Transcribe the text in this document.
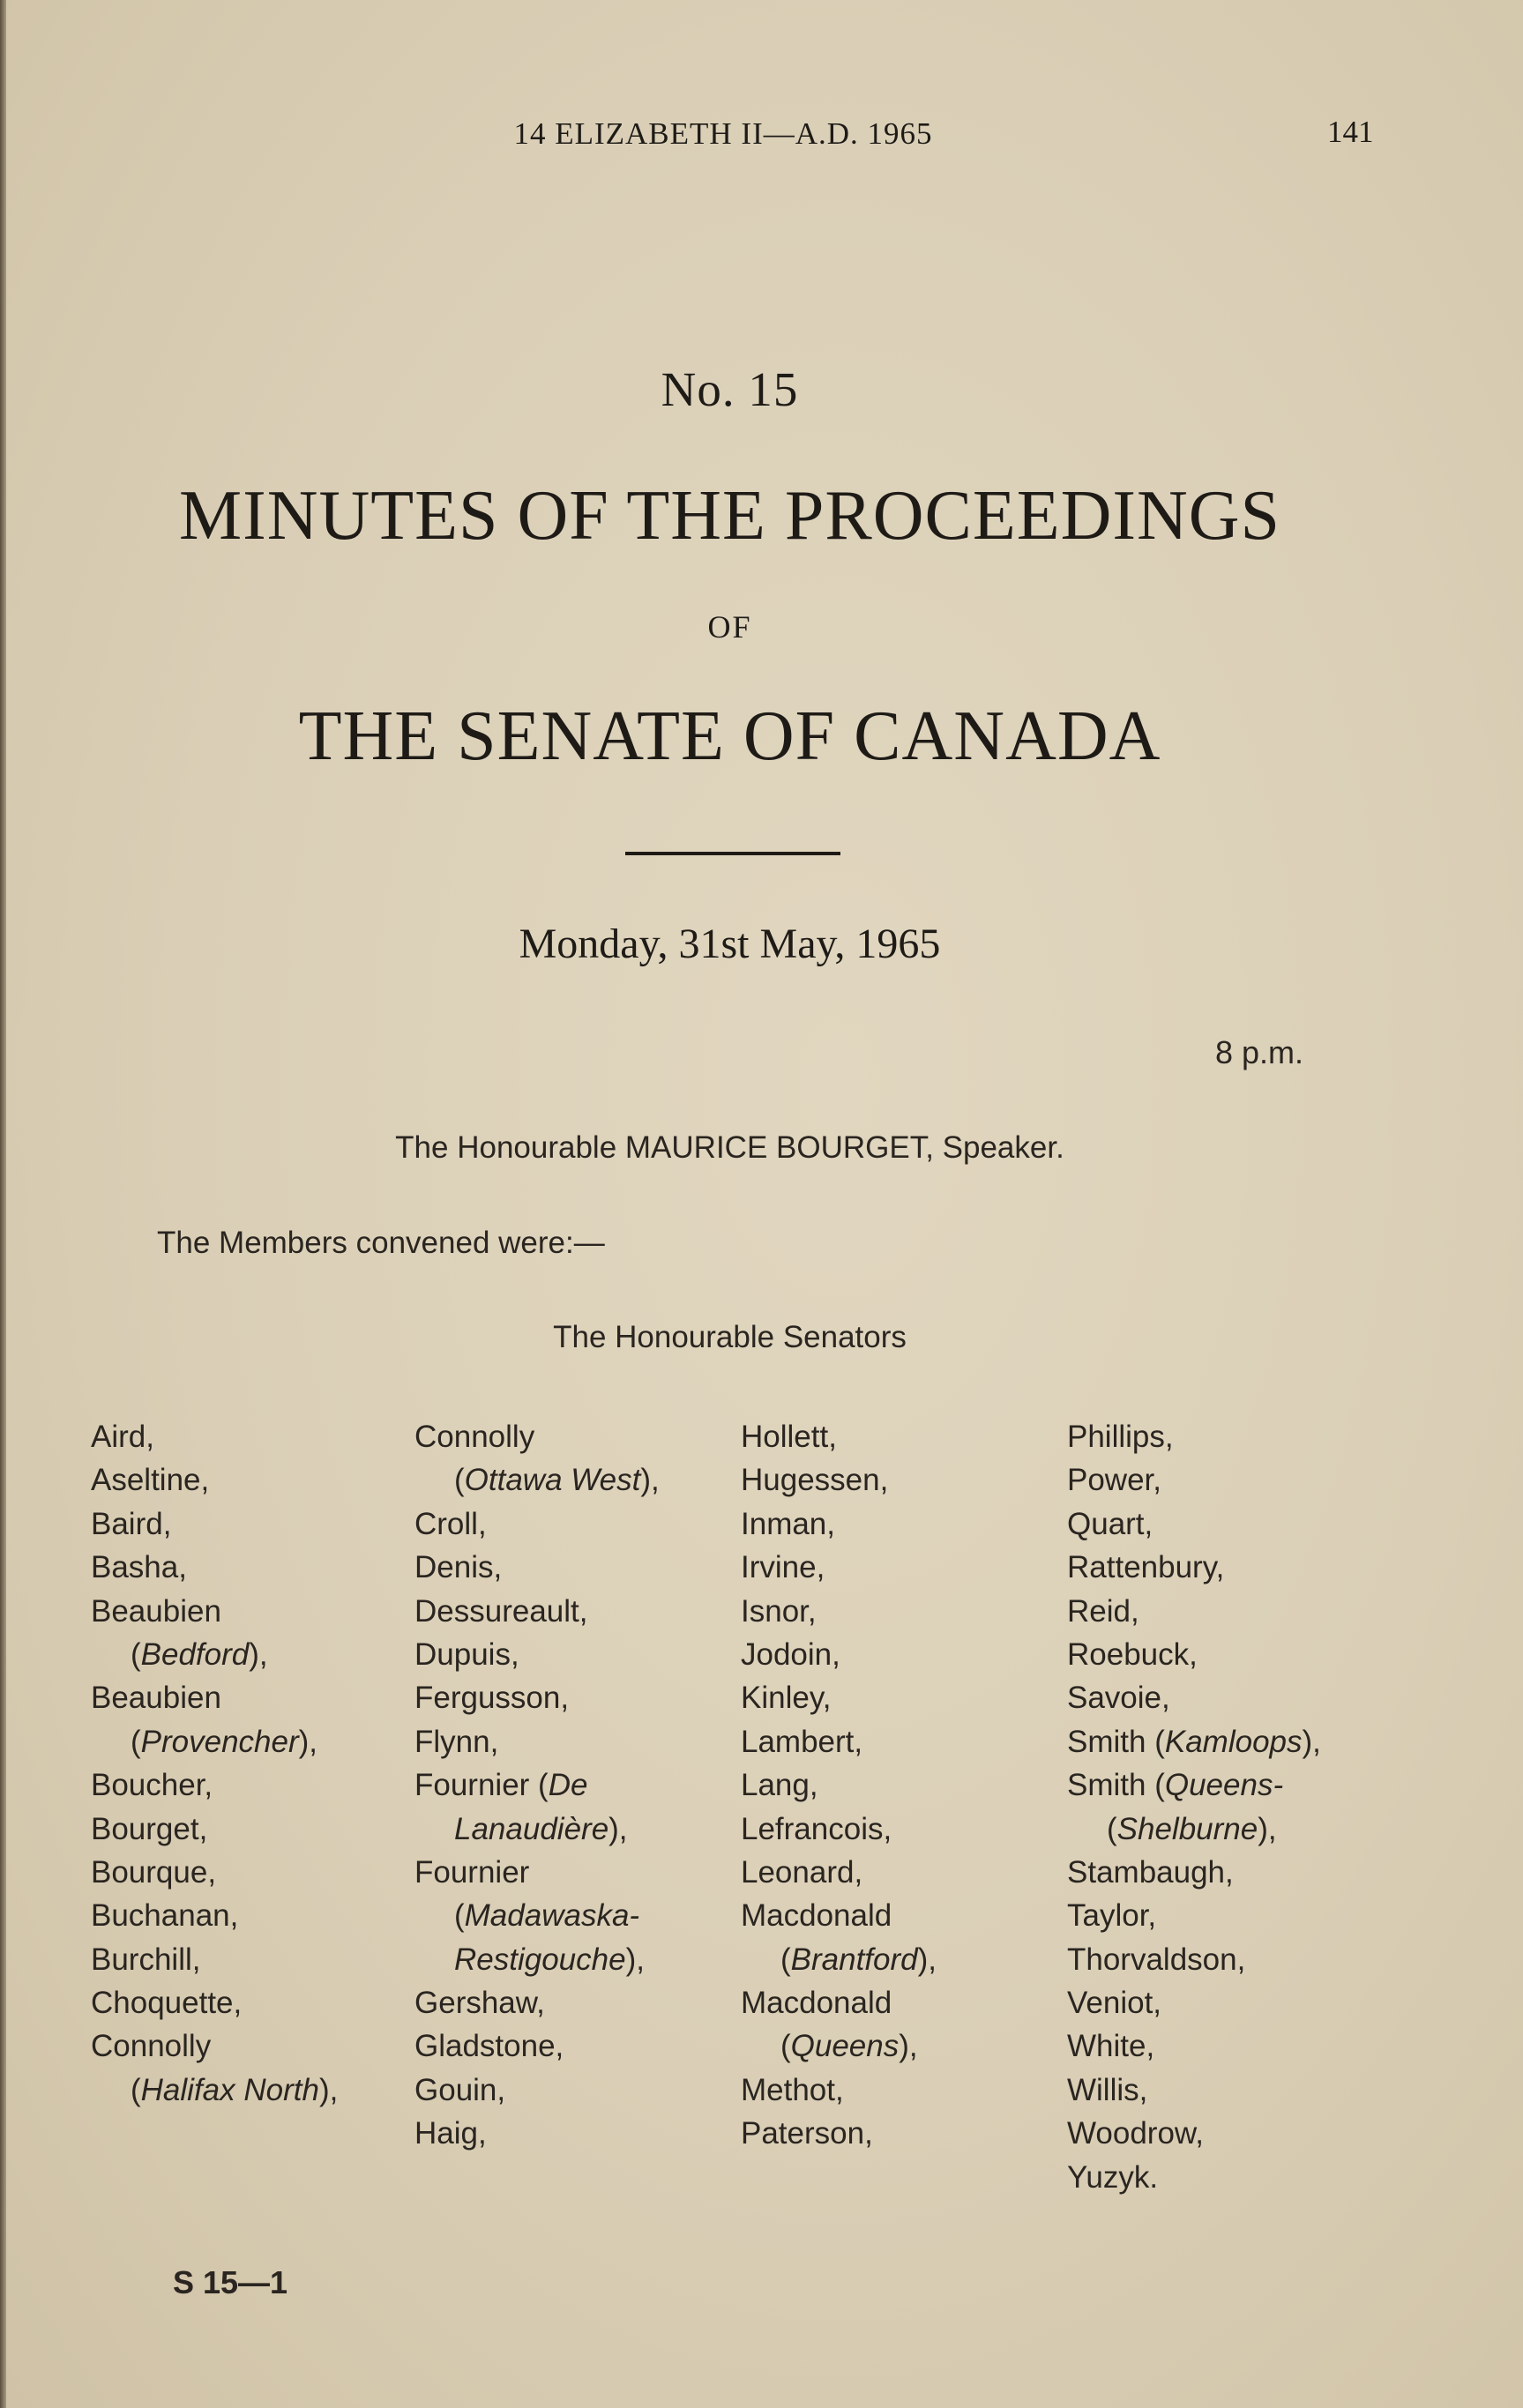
14 ELIZABETH II—A.D. 1965	141
No. 15
MINUTES OF THE PROCEEDINGS
OF
THE SENATE OF CANADA
Monday, 31st May, 1965
8 p.m.
The Honourable MAURICE BOURGET, Speaker.
The Members convened were:—
The Honourable Senators
Aird,
Aseltine,
Baird,
Basha,
Beaubien
(Bedford),
Beaubien
(Provencher),
Boucher,
Bourget,
Bourque,
Buchanan,
Burchill,
Choquette,
Connolly
(Halifax North),
Connolly
(Ottawa West),
Croll,
Denis,
Dessureault,
Dupuis,
Fergusson,
Flynn,
Fournier (De
Lanaudière),
Fournier
(Madawaska-
Restigouche),
Gershaw,
Gladstone,
Gouin,
Haig,
Hollett,
Hugessen,
Inman,
Irvine,
Isnor,
Jodoin,
Kinley,
Lambert,
Lang,
Lefrancois,
Leonard,
Macdonald
(Brantford),
Macdonald
(Queens),
Methot,
Paterson,
Phillips,
Power,
Quart,
Rattenbury,
Reid,
Roebuck,
Savoie,
Smith (Kamloops),
Smith (Queens-
(Shelburne),
Stambaugh,
Taylor,
Thorvaldson,
Veniot,
White,
Willis,
Woodrow,
Yuzyk.
S 15—1
